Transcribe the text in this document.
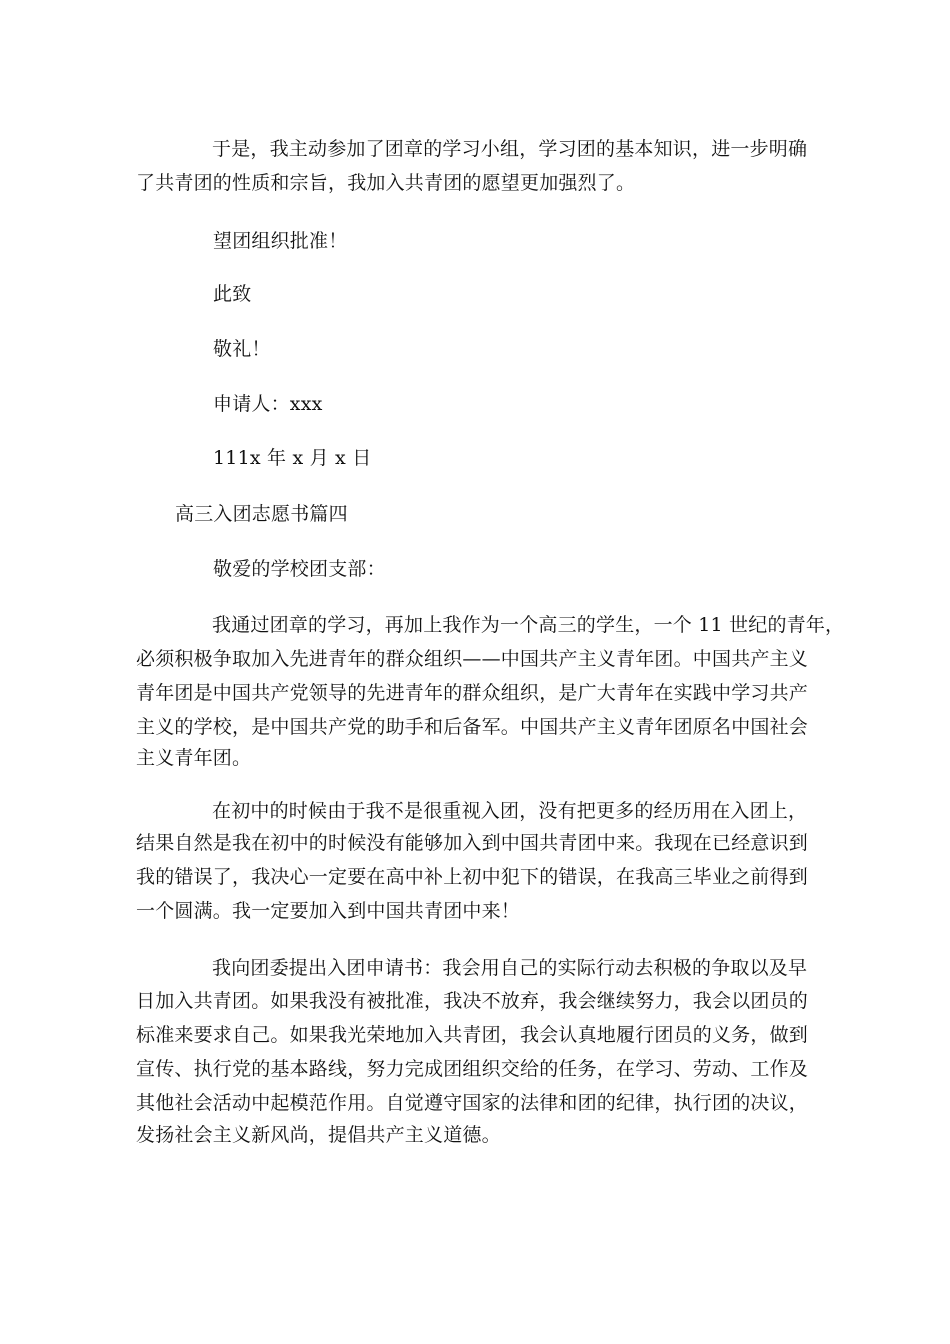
于是，我主动参加了团章的学习小组，学习团的基本知识，进一步明确
了共青团的性质和宗旨，我加入共青团的愿望更加强烈了。
望团组织批准！
此致
敬礼！
申请人：xxx
111x 年 x 月 x 日
高三入团志愿书篇四
敬爱的学校团支部：
我通过团章的学习，再加上我作为一个高三的学生，一个 11 世纪的青年，
必须积极争取加入先进青年的群众组织——中国共产主义青年团。中国共产主义
青年团是中国共产党领导的先进青年的群众组织，是广大青年在实践中学习共产
主义的学校，是中国共产党的助手和后备军。中国共产主义青年团原名中国社会
主义青年团。
在初中的时候由于我不是很重视入团，没有把更多的经历用在入团上，
结果自然是我在初中的时候没有能够加入到中国共青团中来。我现在已经意识到
我的错误了，我决心一定要在高中补上初中犯下的错误，在我高三毕业之前得到
一个圆满。我一定要加入到中国共青团中来！
我向团委提出入团申请书：我会用自己的实际行动去积极的争取以及早
日加入共青团。如果我没有被批准，我决不放弃，我会继续努力，我会以团员的
标准来要求自己。如果我光荣地加入共青团，我会认真地履行团员的义务，做到
宣传、执行党的基本路线，努力完成团组织交给的任务，在学习、劳动、工作及
其他社会活动中起模范作用。自觉遵守国家的法律和团的纪律，执行团的决议，
发扬社会主义新风尚，提倡共产主义道德。
